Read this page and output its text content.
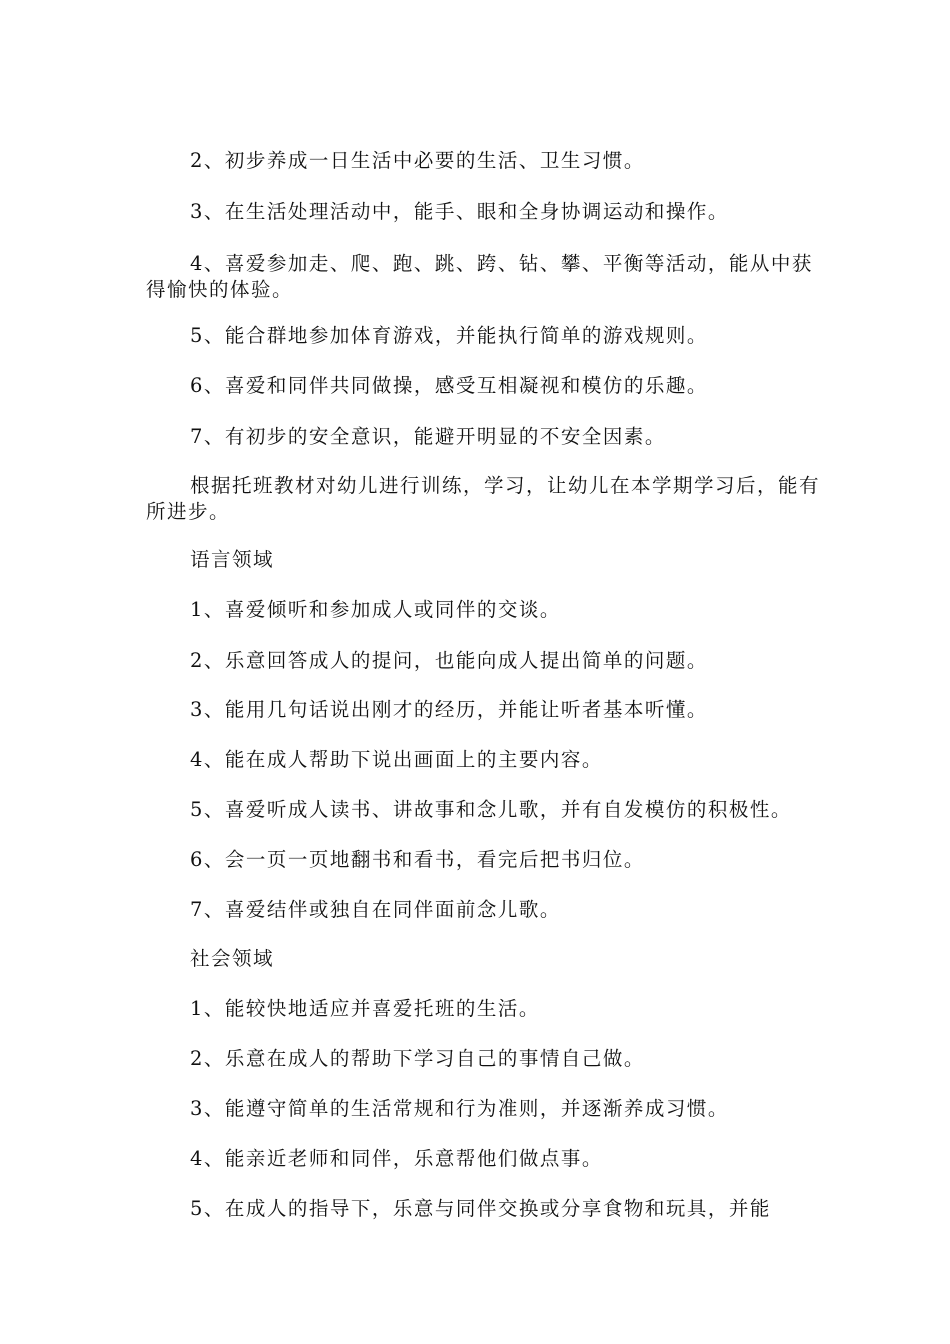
2、初步养成一日生活中必要的生活、卫生习惯。

3、在生活处理活动中，能手、眼和全身协调运动和操作。

4、喜爱参加走、爬、跑、跳、跨、钻、攀、平衡等活动，能从中获得愉快的体验。

5、能合群地参加体育游戏，并能执行简单的游戏规则。

6、喜爱和同伴共同做操，感受互相凝视和模仿的乐趣。

7、有初步的安全意识，能避开明显的不安全因素。

根据托班教材对幼儿进行训练，学习，让幼儿在本学期学习后，能有所进步。

语言领域

1、喜爱倾听和参加成人或同伴的交谈。

2、乐意回答成人的提问，也能向成人提出简单的问题。

3、能用几句话说出刚才的经历，并能让听者基本听懂。

4、能在成人帮助下说出画面上的主要内容。

5、喜爱听成人读书、讲故事和念儿歌，并有自发模仿的积极性。

6、会一页一页地翻书和看书，看完后把书归位。

7、喜爱结伴或独自在同伴面前念儿歌。

社会领域

1、能较快地适应并喜爱托班的生活。

2、乐意在成人的帮助下学习自己的事情自己做。

3、能遵守简单的生活常规和行为准则，并逐渐养成习惯。

4、能亲近老师和同伴，乐意帮他们做点事。

5、在成人的指导下，乐意与同伴交换或分享食物和玩具，并能
